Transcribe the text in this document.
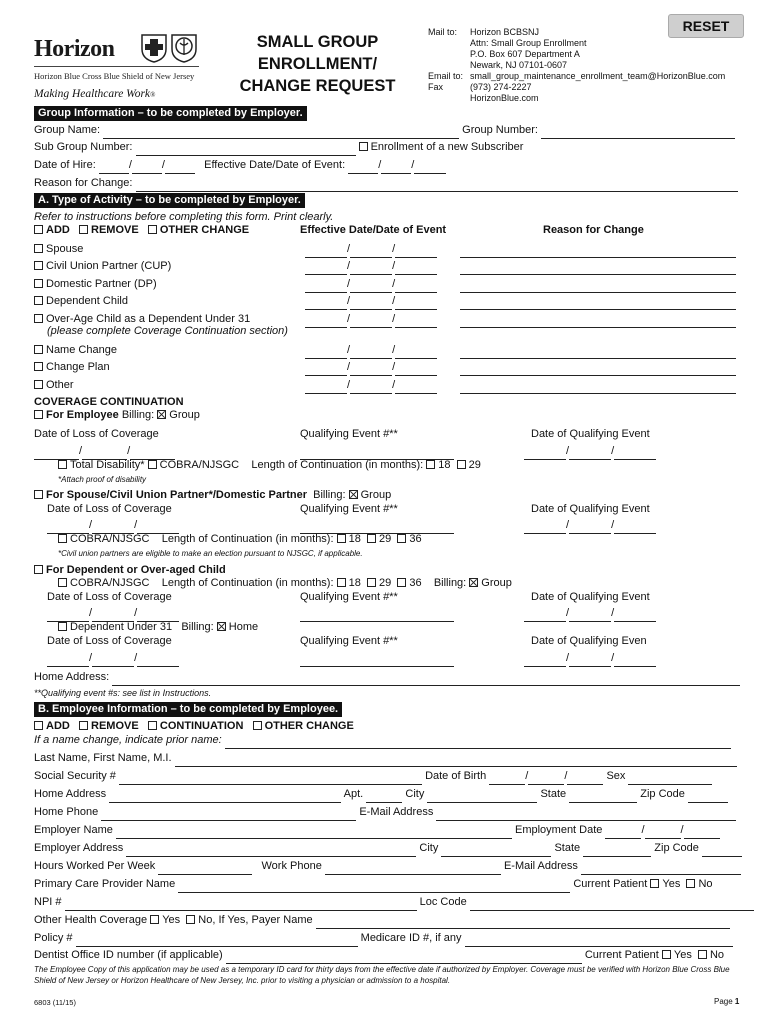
Horizon
Horizon Blue Cross Blue Shield of New Jersey
Making Healthcare Work®
SMALL GROUP
ENROLLMENT/
CHANGE REQUEST
Mail to: Horizon BCBSNJ
Attn: Small Group Enrollment
P.O. Box 607 Department A
Newark, NJ 07101-0607
Email to: small_group_maintenance_enrollment_team@HorizonBlue.com
Fax	(973) 274-2227
HorizonBlue.com
RESET
Group Information – to be completed by Employer.
Group Name:	Group Number:
Sub Group Number:	Enrollment of a new Subscriber
Date of Hire:	/	/	Effective Date/Date of Event:	/	/
Reason for Change:
A. Type of Activity – to be completed by Employer.
Refer to instructions before completing this form. Print clearly.
ADD REMOVE OTHER CHANGE	Effective Date/Date of Event	Reason for Change
Spouse	/	/
Civil Union Partner (CUP)	/	/
Domestic Partner (DP)	/	/
Dependent Child	/	/
Over-Age Child as a Dependent Under 31	/	/
Name Change	/	/
Change Plan	/	/
Other	/	/
(please complete Coverage Continuation section)
COVERAGE CONTINUATION
For Employee Billing: Group
Date of Loss of Coverage	Qualifying Event #**	Date of Qualifying Event
/	/	/	/
Total Disability* COBRA/NJSGC Length of Continuation (in months): 18 29
*Attach proof of disability
For Spouse/Civil Union Partner*/Domestic Partner Billing: Group
Date of Loss of Coverage	Qualifying Event #**	Date of Qualifying Event
/	/	/	/
COBRA/NJSGC Length of Continuation (in months): 18 29 36
*Civil union partners are eligible to make an election pursuant to NJSGC, if applicable.
For Dependent or Over-aged Child
COBRA/NJSGC Length of Continuation (in months): 18 29 36 Billing: Group
Date of Loss of Coverage	Qualifying Event #**	Date of Qualifying Event
/	/	/	/
Dependent Under 31 Billing: Home
Date of Loss of Coverage	Qualifying Event #**	Date of Qualifying Even
/	/	/	/
Home Address:
**Qualifying event #s: see list in Instructions.
B. Employee Information – to be completed by Employee.
ADD REMOVE CONTINUATION OTHER CHANGE
If a name change, indicate prior name:
Last Name, First Name, M.I.
Social Security #	Date of Birth	/	/	Sex
Home Address	Apt.	City	State	Zip Code
Home Phone	E-Mail Address
Employer Name	Employment Date	/	/
Employer Address	City	State	Zip Code
Hours Worked Per Week	Work Phone	E-Mail Address
Primary Care Provider Name	Current Patient Yes No
NPI #	Loc Code
Other Health Coverage Yes No, If Yes, Payer Name
Policy #	Medicare ID #, if any
Dentist Office ID number (if applicable)	Current Patient Yes No
The Employee Copy of this application may be used as a temporary ID card for thirty days from the effective date if authorized by Employer. Coverage must be verified with Horizon Blue Cross Blue Shield of New Jersey or Horizon Healthcare of New Jersey, Inc. prior to visiting a physician or admission to a hospital.
6803 (11/15)	Page 1
